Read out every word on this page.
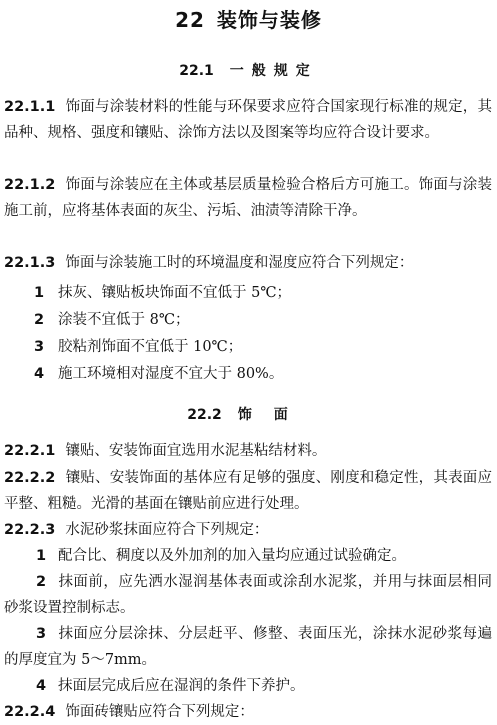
22 装饰与装修
22.1 一般规定
22.1.1 饰面与涂装材料的性能与环保要求应符合国家现行标准的规定，其品种、规格、强度和镶贴、涂饰方法以及图案等均应符合设计要求。
22.1.2 饰面与涂装应在主体或基层质量检验合格后方可施工。饰面与涂装施工前，应将基体表面的灰尘、污垢、油渍等清除干净。
22.1.3 饰面与涂装施工时的环境温度和湿度应符合下列规定：
1 抹灰、镶贴板块饰面不宜低于 5℃；
2 涂装不宜低于 8℃；
3 胶粘剂饰面不宜低于 10℃；
4 施工环境相对湿度不宜大于 80%。
22.2 饰面
22.2.1 镶贴、安装饰面宜选用水泥基粘结材料。
22.2.2 镶贴、安装饰面的基体应有足够的强度、刚度和稳定性，其表面应平整、粗糙。光滑的基面在镶贴前应进行处理。
22.2.3 水泥砂浆抹面应符合下列规定：
1 配合比、稠度以及外加剂的加入量均应通过试验确定。
2 抹面前，应先洒水湿润基体表面或涂刮水泥浆，并用与抹面层相同砂浆设置控制标志。
3 抹面应分层涂抹、分层赶平、修整、表面压光，涂抹水泥砂浆每遍的厚度宜为 5～7mm。
4 抹面层完成后应在湿润的条件下养护。
22.2.4 饰面砖镶贴应符合下列规定：
